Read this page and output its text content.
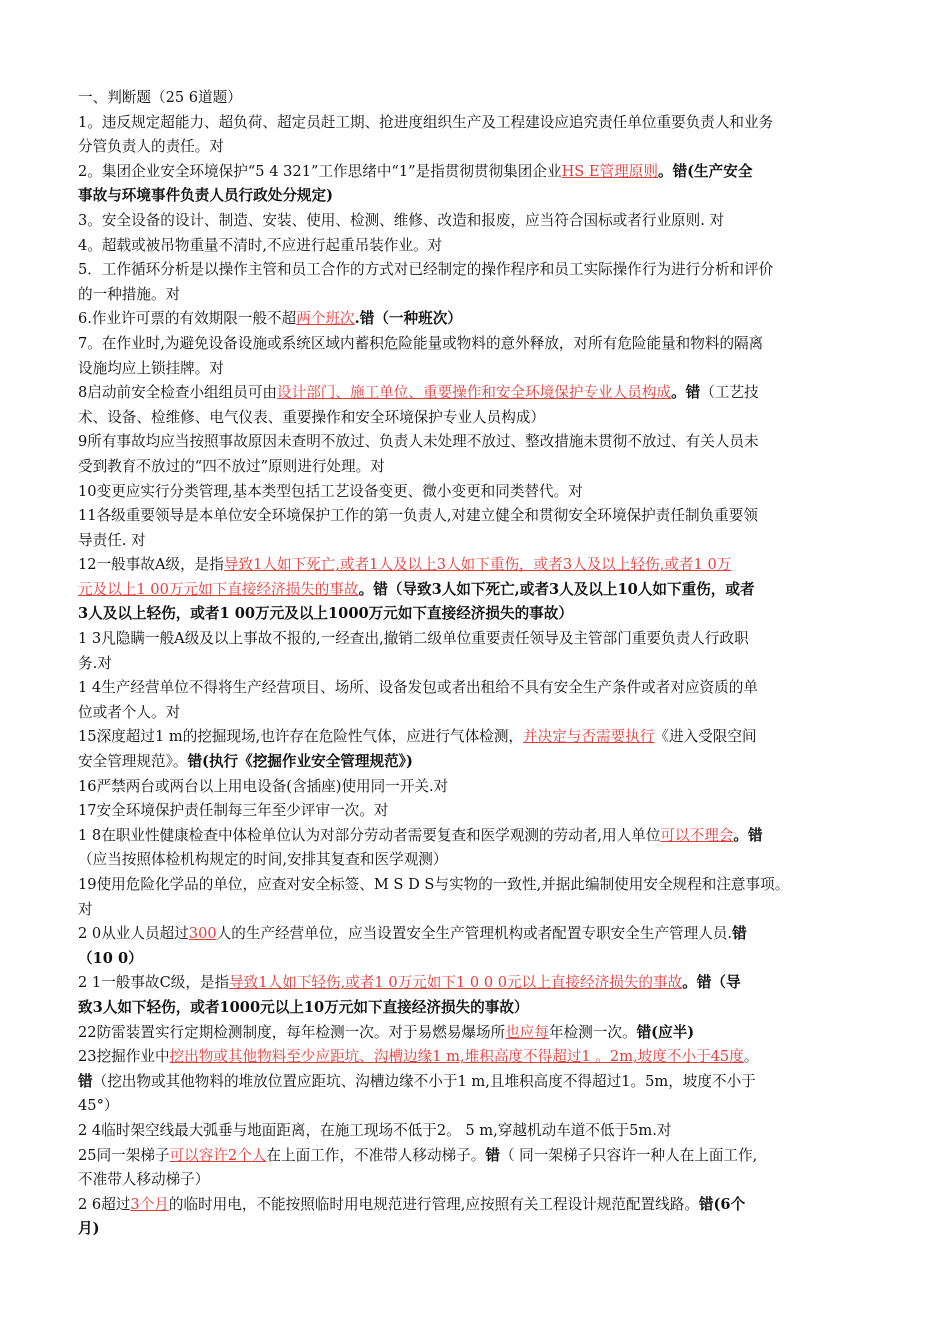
一、判断题（25 6道题）
1。违反规定超能力、超负荷、超定员赶工期、抢进度组织生产及工程建设应追究责任单位重要负责人和业务
分管负责人的责任。对
2。集团企业安全环境保护“5 4 321”工作思绪中“1”是指贯彻贯彻集团企业HS E管理原则。错(生产安全
事故与环境事件负责人员行政处分规定)
3。安全设备的设计、制造、安装、使用、检测、维修、改造和报废，应当符合国标或者行业原则. 对
4。超载或被吊物重量不清时,不应进行起重吊装作业。对
5．工作循环分析是以操作主管和员工合作的方式对已经制定的操作程序和员工实际操作行为进行分析和评价
的一种措施。对
6.作业许可票的有效期限一般不超两个班次.错（一种班次）
7。在作业时,为避免设备设施或系统区域内蓄积危险能量或物料的意外释放，对所有危险能量和物料的隔离
设施均应上锁挂牌。对
8启动前安全检查小组组员可由设计部门、施工单位、重要操作和安全环境保护专业人员构成。错（工艺技
术、设备、检维修、电气仪表、重要操作和安全环境保护专业人员构成）
9所有事故均应当按照事故原因未查明不放过、负责人未处理不放过、整改措施未贯彻不放过、有关人员未
受到教育不放过的“四不放过”原则进行处理。对
10变更应实行分类管理,基本类型包括工艺设备变更、微小变更和同类替代。对
11各级重要领导是本单位安全环境保护工作的第一负责人,对建立健全和贯彻安全环境保护责任制负重要领
导责任. 对
12一般事故A级，是指导致1人如下死亡,或者1人及以上3人如下重伤，或者3人及以上轻伤,或者1 0万
元及以上1 00万元如下直接经济损失的事故。错（导致3人如下死亡,或者3人及以上10人如下重伤，或者
3人及以上轻伤，或者1 00万元及以上1000万元如下直接经济损失的事故）
1 3凡隐瞒一般A级及以上事故不报的,一经查出,撤销二级单位重要责任领导及主管部门重要负责人行政职
务.对
1 4生产经营单位不得将生产经营项目、场所、设备发包或者出租给不具有安全生产条件或者对应资质的单
位或者个人。对
15深度超过1 m的挖掘现场,也许存在危险性气体，应进行气体检测，并决定与否需要执行《进入受限空间
安全管理规范》。错(执行《挖掘作业安全管理规范》)
16严禁两台或两台以上用电设备(含插座)使用同一开关.对
17安全环境保护责任制每三年至少评审一次。对
1 8在职业性健康检查中体检单位认为对部分劳动者需要复查和医学观测的劳动者,用人单位可以不理会。错
（应当按照体检机构规定的时间,安排其复查和医学观测）
19使用危险化学品的单位，应查对安全标签、M S D S与实物的一致性,并据此编制使用安全规程和注意事项。
对
2 0从业人员超过300人的生产经营单位，应当设置安全生产管理机构或者配置专职安全生产管理人员.错
（10 0）
2 1一般事故C级，是指导致1人如下轻伤,或者1 0万元如下1 0 0 0元以上直接经济损失的事故。错（导
致3人如下轻伤，或者1000元以上10万元如下直接经济损失的事故）
22防雷装置实行定期检测制度，每年检测一次。对于易燃易爆场所也应每年检测一次。错(应半)
23挖掘作业中挖出物或其他物料至少应距坑、沟槽边缘1 m,堆积高度不得超过1 。2m,坡度不小于45度。
错（挖出物或其他物料的堆放位置应距坑、沟槽边缘不小于1 m,且堆积高度不得超过1。5m，坡度不小于
45°）
2 4临时架空线最大弧垂与地面距离，在施工现场不低于2。 5 m,穿越机动车道不低于5m.对
25同一架梯子可以容许2个人在上面工作，不准带人移动梯子。错（ 同一架梯子只容许一种人在上面工作,
不准带人移动梯子）
2 6超过3个月的临时用电，不能按照临时用电规范进行管理,应按照有关工程设计规范配置线路。错(6个
月)
